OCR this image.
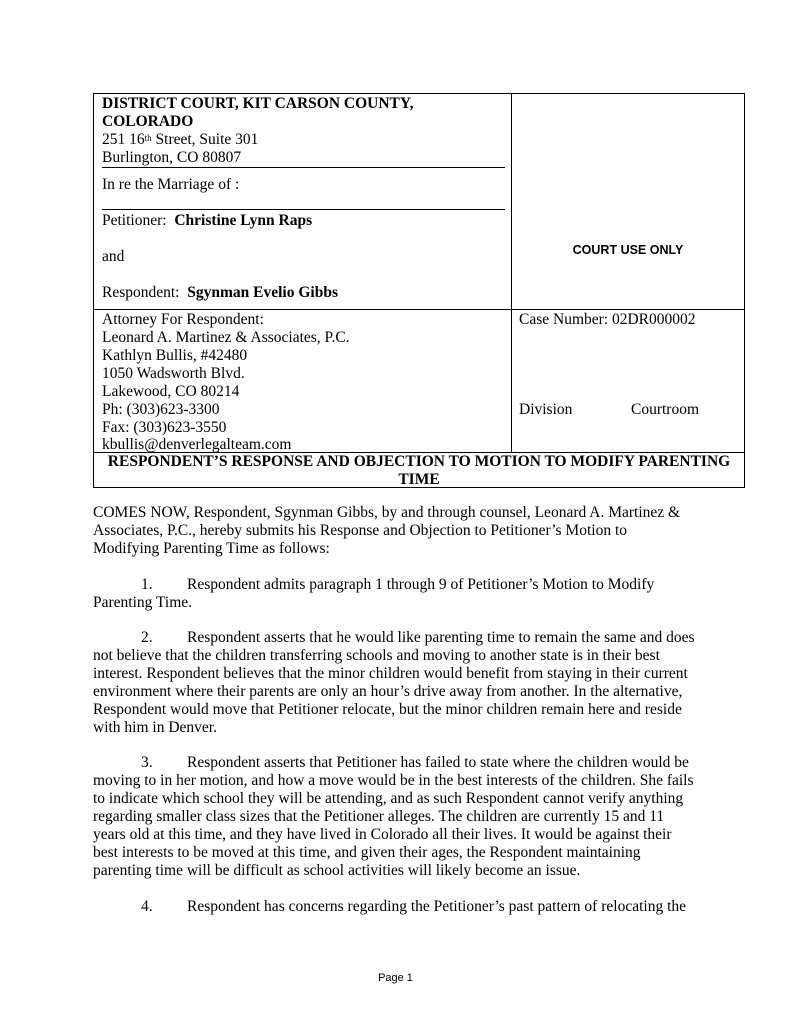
DISTRICT COURT, KIT CARSON COUNTY,
COLORADO
251 16th Street, Suite 301
Burlington, CO 80807
In re the Marriage of :
Petitioner: Christine Lynn Raps
and
Respondent: Sgynman Evelio Gibbs
COURT USE ONLY
Attorney For Respondent:
Leonard A. Martinez & Associates, P.C.
Kathlyn Bullis, #42480
1050 Wadsworth Blvd.
Lakewood, CO 80214
Ph: (303)623-3300
Fax: (303)623-3550
kbullis@denverlegalteam.com
Case Number: 02DR000002
Division	Courtroom
RESPONDENT’S RESPONSE AND OBJECTION TO MOTION TO MODIFY PARENTING
TIME
COMES NOW, Respondent, Sgynman Gibbs, by and through counsel, Leonard A. Martinez &
Associates, P.C., hereby submits his Response and Objection to Petitioner’s Motion to
Modifying Parenting Time as follows:
1. Respondent admits paragraph 1 through 9 of Petitioner’s Motion to Modify
Parenting Time.
2. Respondent asserts that he would like parenting time to remain the same and does
not believe that the children transferring schools and moving to another state is in their best
interest. Respondent believes that the minor children would benefit from staying in their current
environment where their parents are only an hour’s drive away from another. In the alternative,
Respondent would move that Petitioner relocate, but the minor children remain here and reside
with him in Denver.
3. Respondent asserts that Petitioner has failed to state where the children would be
moving to in her motion, and how a move would be in the best interests of the children. She fails
to indicate which school they will be attending, and as such Respondent cannot verify anything
regarding smaller class sizes that the Petitioner alleges. The children are currently 15 and 11
years old at this time, and they have lived in Colorado all their lives. It would be against their
best interests to be moved at this time, and given their ages, the Respondent maintaining
parenting time will be difficult as school activities will likely become an issue.
4. Respondent has concerns regarding the Petitioner’s past pattern of relocating the
Page 1
